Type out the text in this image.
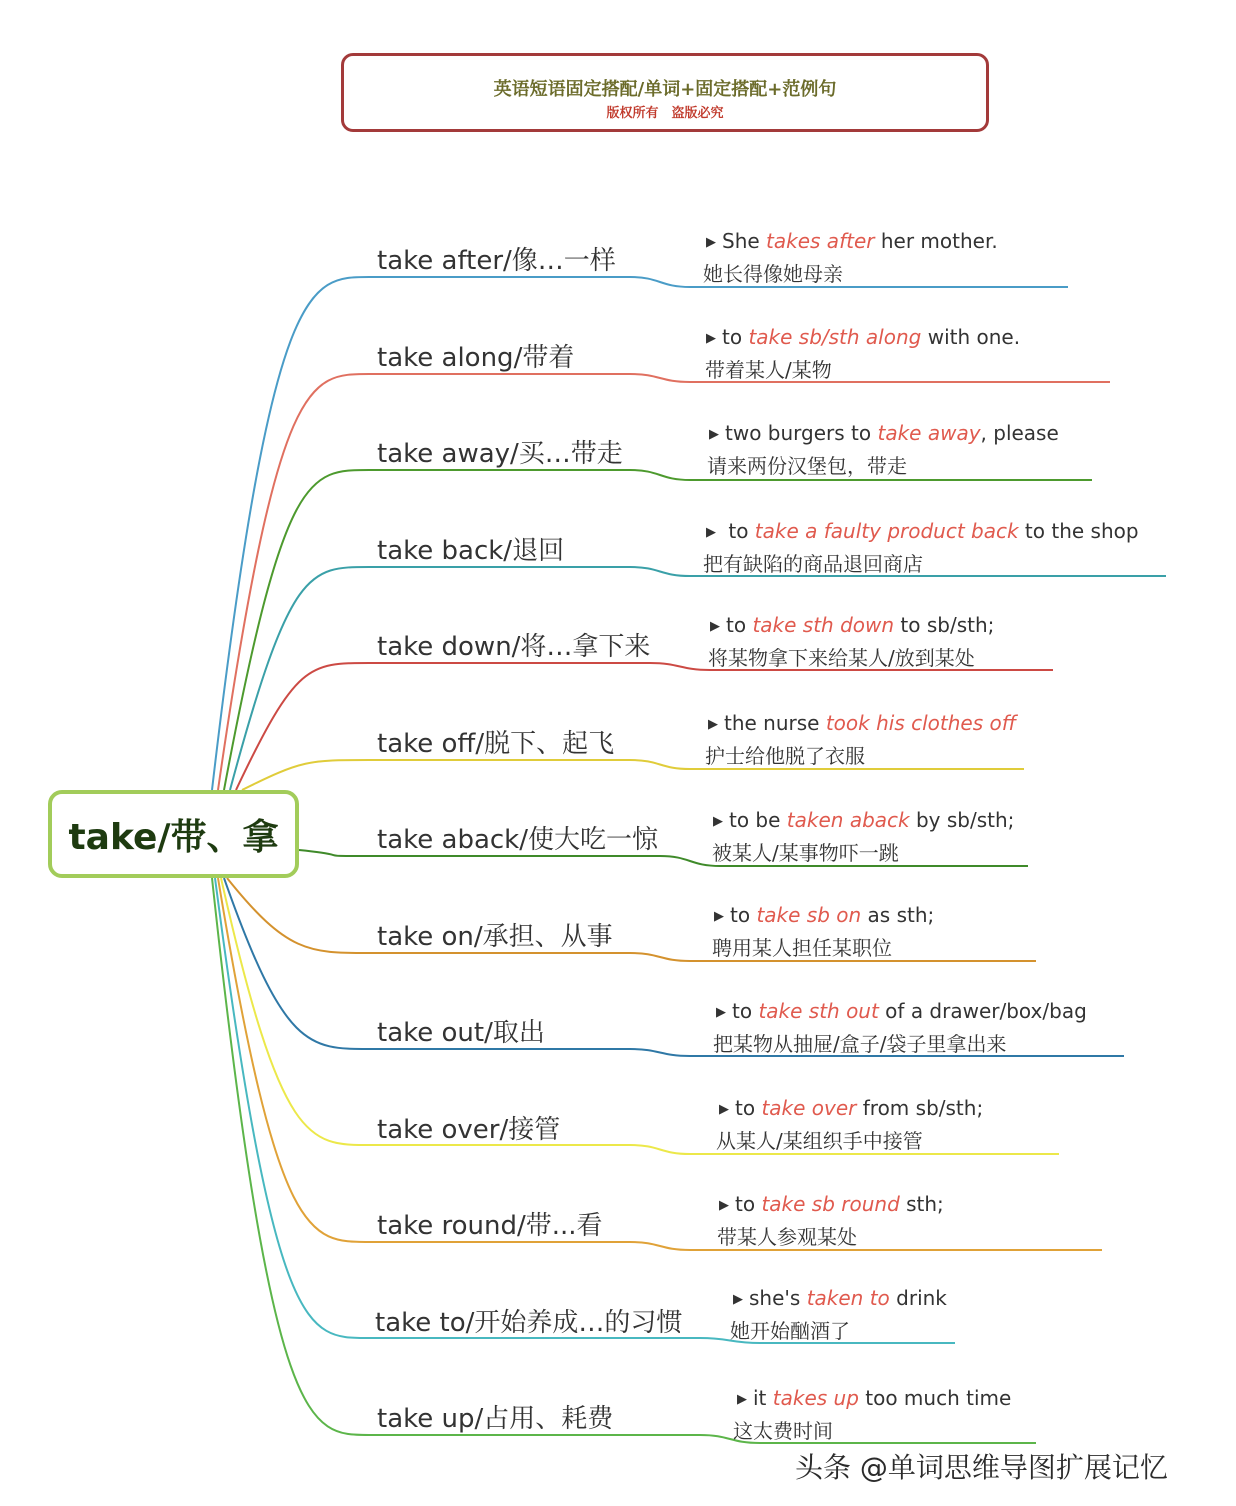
英语短语固定搭配/单词+固定搭配+范例句
版权所有　盗版必究
take/带、拿
take after/像…一样
▶ She takes after her mother.
她长得像她母亲
take along/带着
▶ to take sb/sth along with one.
带着某人/某物
take away/买…带走
▶ two burgers to take away, please
请来两份汉堡包，带走
take back/退回
▶ to take a faulty product back to the shop
把有缺陷的商品退回商店
take down/将…拿下来
▶ to take sth down to sb/sth;
将某物拿下来给某人/放到某处
take off/脱下、起飞
▶ the nurse took his clothes off
护士给他脱了衣服
take aback/使大吃一惊
▶ to be taken aback by sb/sth;
被某人/某事物吓一跳
take on/承担、从事
▶ to take sb on as sth;
聘用某人担任某职位
take out/取出
▶ to take sth out of a drawer/box/bag
把某物从抽屉/盒子/袋子里拿出来
take over/接管
▶ to take over from sb/sth;
从某人/某组织手中接管
take round/带...看
▶ to take sb round sth;
带某人参观某处
take to/开始养成…的习惯
▶ she's taken to drink
她开始酗酒了
take up/占用、耗费
▶ it takes up too much time
这太费时间
头条 @单词思维导图扩展记忆
